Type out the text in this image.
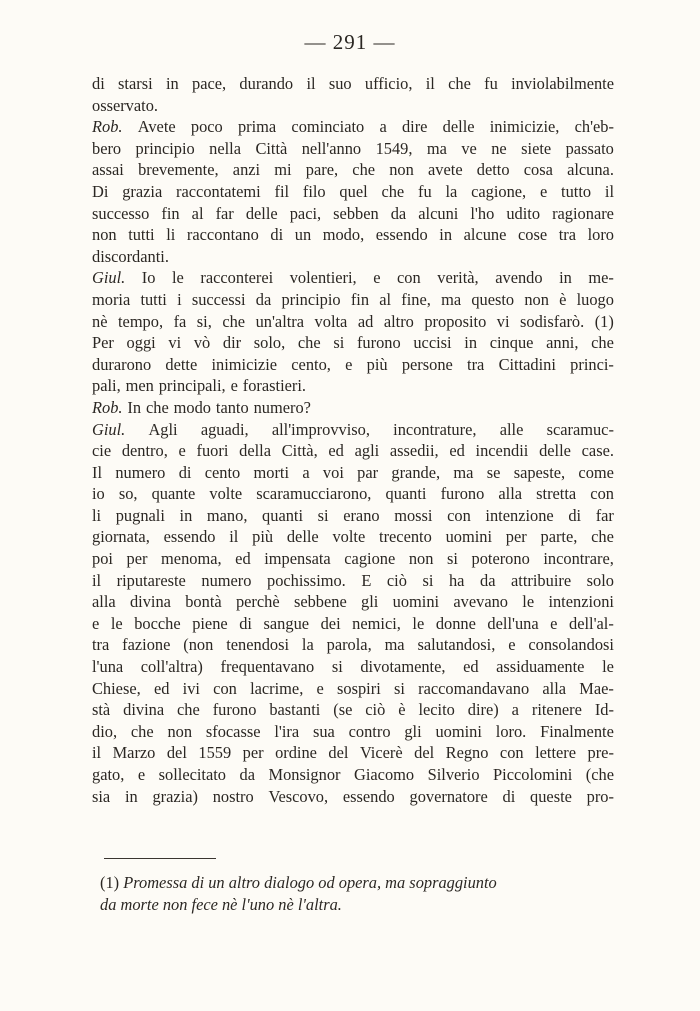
— 291 —
di starsi in pace, durando il suo ufficio, il che fu inviolabilmente
osservato.
Rob. Avete poco prima cominciato a dire delle inimicizie, ch'eb-
bero principio nella Città nell'anno 1549, ma ve ne siete passato
assai brevemente, anzi mi pare, che non avete detto cosa alcuna.
Di grazia raccontatemi fil filo quel che fu la cagione, e tutto il
successo fin al far delle paci, sebben da alcuni l'ho udito ragionare
non tutti li raccontano di un modo, essendo in alcune cose tra loro
discordanti.
Giul. Io le racconterei volentieri, e con verità, avendo in me-
moria tutti i successi da principio fin al fine, ma questo non è luogo
nè tempo, fa si, che un'altra volta ad altro proposito vi sodisfarò. (1)
Per oggi vi vò dir solo, che si furono uccisi in cinque anni, che
durarono dette inimicizie cento, e più persone tra Cittadini princi-
pali, men principali, e forastieri.
Rob. In che modo tanto numero?
Giul. Agli aguadi, all'improvviso, incontrature, alle scaramuc-
cie dentro, e fuori della Città, ed agli assedii, ed incendii delle case.
Il numero di cento morti a voi par grande, ma se sapeste, come
io so, quante volte scaramucciarono, quanti furono alla stretta con
li pugnali in mano, quanti si erano mossi con intenzione di far
giornata, essendo il più delle volte trecento uomini per parte, che
poi per menoma, ed impensata cagione non si poterono incontrare,
il riputareste numero pochissimo. E ciò si ha da attribuire solo
alla divina bontà perchè sebbene gli uomini avevano le intenzioni
e le bocche piene di sangue dei nemici, le donne dell'una e dell'al-
tra fazione (non tenendosi la parola, ma salutandosi, e consolandosi
l'una coll'altra) frequentavano si divotamente, ed assiduamente le
Chiese, ed ivi con lacrime, e sospiri si raccomandavano alla Mae-
stà divina che furono bastanti (se ciò è lecito dire) a ritenere Id-
dio, che non sfocasse l'ira sua contro gli uomini loro. Finalmente
il Marzo del 1559 per ordine del Vicerè del Regno con lettere pre-
gato, e sollecitato da Monsignor Giacomo Silverio Piccolomini (che
sia in grazia) nostro Vescovo, essendo governatore di queste pro-
(1) Promessa di un altro dialogo od opera, ma sopraggiunto
da morte non fece nè l'uno nè l'altra.
